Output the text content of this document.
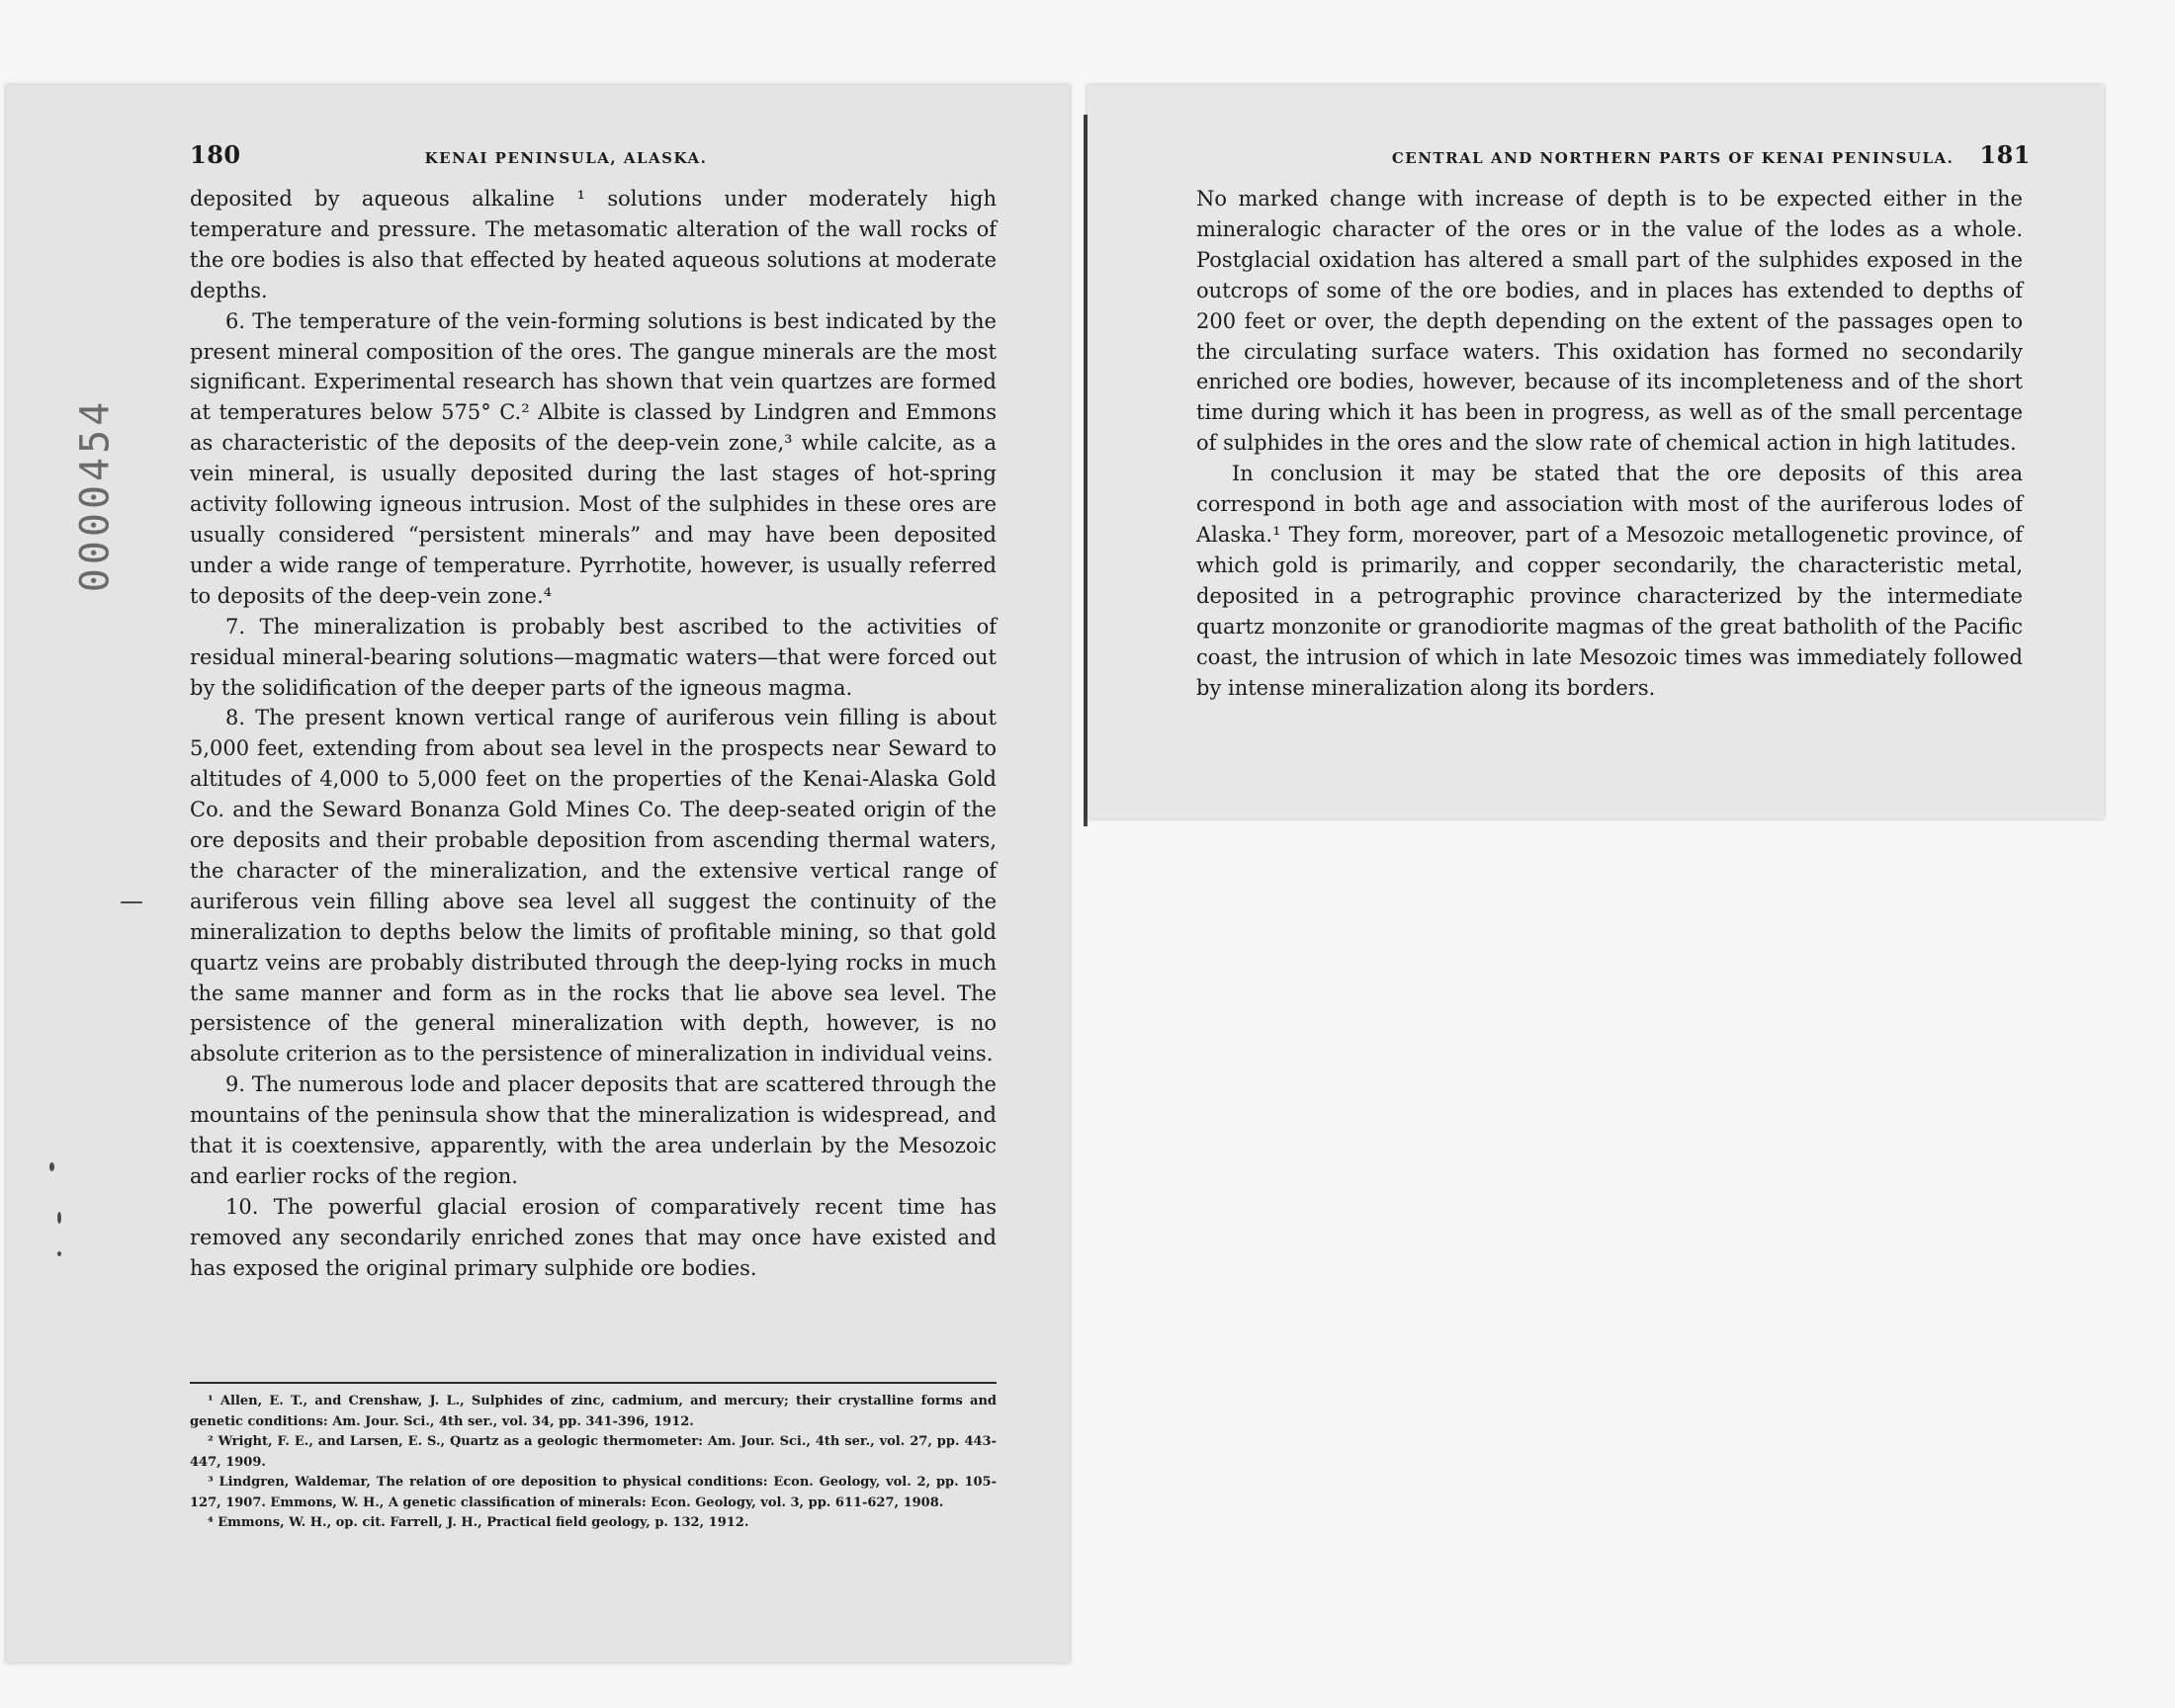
180	KENAI PENINSULA, ALASKA.

deposited by aqueous alkaline ¹ solutions under moderately high temperature and pressure. The metasomatic alteration of the wall rocks of the ore bodies is also that effected by heated aqueous solutions at moderate depths.

6. The temperature of the vein-forming solutions is best indicated by the present mineral composition of the ores. The gangue minerals are the most significant. Experimental research has shown that vein quartzes are formed at temperatures below 575° C.² Albite is classed by Lindgren and Emmons as characteristic of the deposits of the deep-vein zone,³ while calcite, as a vein mineral, is usually deposited during the last stages of hot-spring activity following igneous intrusion. Most of the sulphides in these ores are usually considered “persistent minerals” and may have been deposited under a wide range of temperature. Pyrrhotite, however, is usually referred to deposits of the deep-vein zone.⁴

7. The mineralization is probably best ascribed to the activities of residual mineral-bearing solutions—magmatic waters—that were forced out by the solidification of the deeper parts of the igneous magma.

8. The present known vertical range of auriferous vein filling is about 5,000 feet, extending from about sea level in the prospects near Seward to altitudes of 4,000 to 5,000 feet on the properties of the Kenai-Alaska Gold Co. and the Seward Bonanza Gold Mines Co. The deep-seated origin of the ore deposits and their probable deposition from ascending thermal waters, the character of the mineralization, and the extensive vertical range of auriferous vein filling above sea level all suggest the continuity of the mineralization to depths below the limits of profitable mining, so that gold quartz veins are probably distributed through the deep-lying rocks in much the same manner and form as in the rocks that lie above sea level. The persistence of the general mineralization with depth, however, is no absolute criterion as to the persistence of mineralization in individual veins.

9. The numerous lode and placer deposits that are scattered through the mountains of the peninsula show that the mineralization is widespread, and that it is coextensive, apparently, with the area underlain by the Mesozoic and earlier rocks of the region.

10. The powerful glacial erosion of comparatively recent time has removed any secondarily enriched zones that may once have existed and has exposed the original primary sulphide ore bodies.

¹ Allen, E. T., and Crenshaw, J. L., Sulphides of zinc, cadmium, and mercury; their crystalline forms and genetic conditions: Am. Jour. Sci., 4th ser., vol. 34, pp. 341-396, 1912.

² Wright, F. E., and Larsen, E. S., Quartz as a geologic thermometer: Am. Jour. Sci., 4th ser., vol. 27, pp. 443-447, 1909.

³ Lindgren, Waldemar, The relation of ore deposition to physical conditions: Econ. Geology, vol. 2, pp. 105-127, 1907. Emmons, W. H., A genetic classification of minerals: Econ. Geology, vol. 3, pp. 611-627, 1908.

⁴ Emmons, W. H., op. cit. Farrell, J. H., Practical field geology, p. 132, 1912.

0000454
CENTRAL AND NORTHERN PARTS OF KENAI PENINSULA. 181

No marked change with increase of depth is to be expected either in the mineralogic character of the ores or in the value of the lodes as a whole. Postglacial oxidation has altered a small part of the sulphides exposed in the outcrops of some of the ore bodies, and in places has extended to depths of 200 feet or over, the depth depending on the extent of the passages open to the circulating surface waters. This oxidation has formed no secondarily enriched ore bodies, however, because of its incompleteness and of the short time during which it has been in progress, as well as of the small percentage of sulphides in the ores and the slow rate of chemical action in high latitudes.

In conclusion it may be stated that the ore deposits of this area correspond in both age and association with most of the auriferous lodes of Alaska.¹ They form, moreover, part of a Mesozoic metallogenetic province, of which gold is primarily, and copper secondarily, the characteristic metal, deposited in a petrographic province characterized by the intermediate quartz monzonite or granodiorite magmas of the great batholith of the Pacific coast, the intrusion of which in late Mesozoic times was immediately followed by intense mineralization along its borders.
